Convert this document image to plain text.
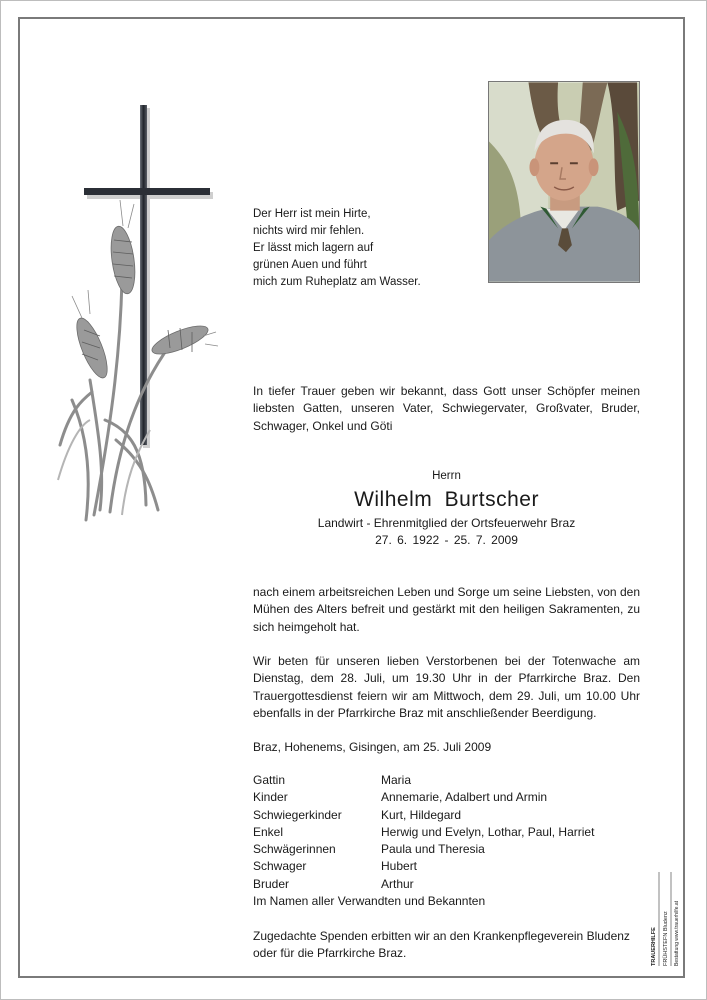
Der Herr ist mein Hirte,
nichts wird mir fehlen.
Er lässt mich lagern auf
grünen Auen und führt
mich zum Ruheplatz am Wasser.
In tiefer Trauer geben wir bekannt, dass Gott unser Schöpfer meinen liebsten Gatten, unseren Vater, Schwiegervater, Großvater, Bruder, Schwager, Onkel und Göti
Herrn
Wilhelm Burtscher
Landwirt - Ehrenmitglied der Ortsfeuerwehr Braz
27. 6. 1922 - 25. 7. 2009
nach einem arbeitsreichen Leben und Sorge um seine Liebsten, von den Mühen des Alters befreit und gestärkt mit den heiligen Sakramenten, zu sich heimgeholt hat.
Wir beten für unseren lieben Verstorbenen bei der Totenwache am Dienstag, dem 28. Juli, um 19.30 Uhr in der Pfarrkirche Braz. Den Trauergottesdienst feiern wir am Mittwoch, dem 29. Juli, um 10.00 Uhr ebenfalls in der Pfarrkirche Braz mit anschließender Beerdigung.
Braz, Hohenems, Gisingen, am 25. Juli 2009
Gattin	Maria
Kinder	Annemarie, Adalbert und Armin
Schwiegerkinder	Kurt, Hildegard
Enkel	Herwig und Evelyn, Lothar, Paul, Harriet
Schwägerinnen	Paula und Theresia
Schwager	Hubert
Bruder	Arthur
Im Namen aller Verwandten und Bekannten
Zugedachte Spenden erbitten wir an den Krankenpflegeverein Bludenz oder für die Pfarrkirche Braz.	TRAUERHILFE FRÜHSTEFN Bludenz Bestattung www.trauerhilfe.at
